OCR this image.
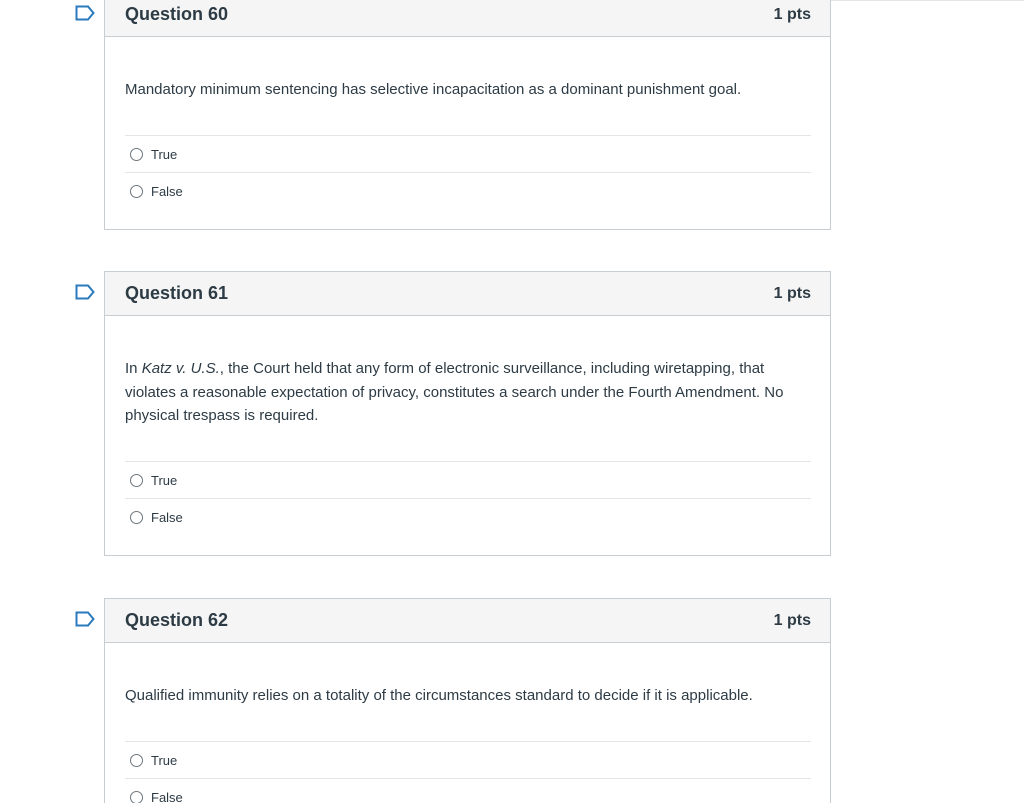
Question 60	1 pts
Mandatory minimum sentencing has selective incapacitation as a dominant punishment goal.
True
False
Question 61	1 pts
In Katz v. U.S., the Court held that any form of electronic surveillance, including wiretapping, that violates a reasonable expectation of privacy, constitutes a search under the Fourth Amendment. No physical trespass is required.
True
False
Question 62	1 pts
Qualified immunity relies on a totality of the circumstances standard to decide if it is applicable.
True
False
